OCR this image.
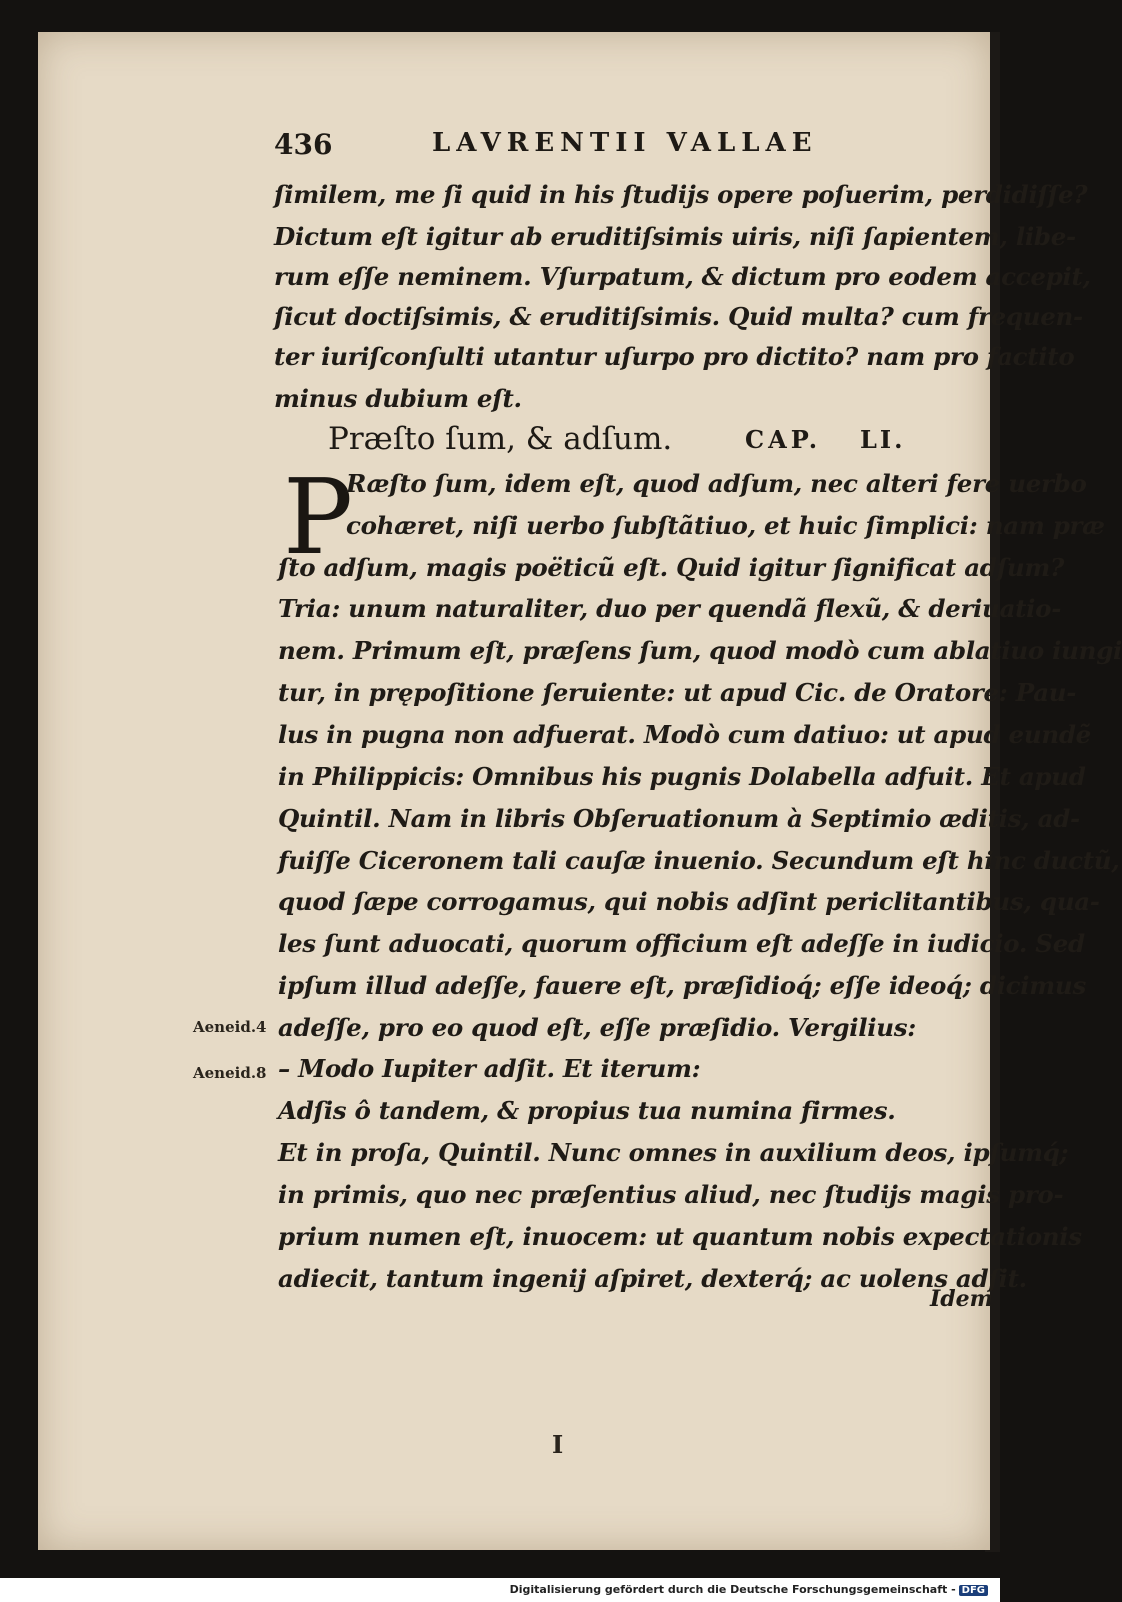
436	LAVRENTII VALLAE
ſimilem, me ſi quid in his ſtudijs opere poſuerim, perdidiſſe?
Dictum eſt igitur ab eruditiſsimis uiris, niſi ſapientem, libe-
rum eſſe neminem. Vſurpatum, & dictum pro eodem accepit,
ſicut doctiſsimis, & eruditiſsimis. Quid multa? cum frequen-
ter iuriſconſulti utantur uſurpo pro dictito? nam pro factito
minus dubium eſt.
Præſto ſum, & adſum.	CAP. LI.
P
Ræſto ſum, idem eſt, quod adſum, nec alteri fere uerbo
cohæret, niſi uerbo ſubſtãtiuo, et huic ſimplici: nam præ
ſto adſum, magis poëticũ eſt. Quid igitur ſignificat adſum?
Tria: unum naturaliter, duo per quendã flexũ, & deriuatio-
nem. Primum eſt, præſens ſum, quod modò cum ablatiuo iungi
tur, in prępoſitione ſeruiente: ut apud Cic. de Oratore: Pau-
lus in pugna non adfuerat. Modò cum datiuo: ut apud eundẽ
in Philippicis: Omnibus his pugnis Dolabella adfuit. Et apud
Quintil. Nam in libris Obſeruationum à Septimio æditis, ad-
fuiſſe Ciceronem tali cauſæ inuenio. Secundum eſt hinc ductũ,
quod ſæpe corrogamus, qui nobis adſint periclitantibus, qua-
les ſunt aduocati, quorum officium eſt adeſſe in iudicio. Sed
ipſum illud adeſſe, fauere eſt, præſidioq́; eſſe ideoq́; dicimus
adeſſe, pro eo quod eſt, eſſe præſidio. Vergilius:
– Modo Iupiter adſit. Et iterum:
Adſis ô tandem, & propius tua numina firmes.
Et in proſa, Quintil. Nunc omnes in auxilium deos, ipſumq́;
in primis, quo nec præſentius aliud, nec ſtudijs magis pro-
prium numen eſt, inuocem: ut quantum nobis expectationis
adiecit, tantum ingenij aſpiret, dexterq́; ac uolens adſit.
Aeneid.4
Aeneid.8
Idem
I
Digitalisierung gefördert durch die Deutsche Forschungsgemeinschaft - DFG
